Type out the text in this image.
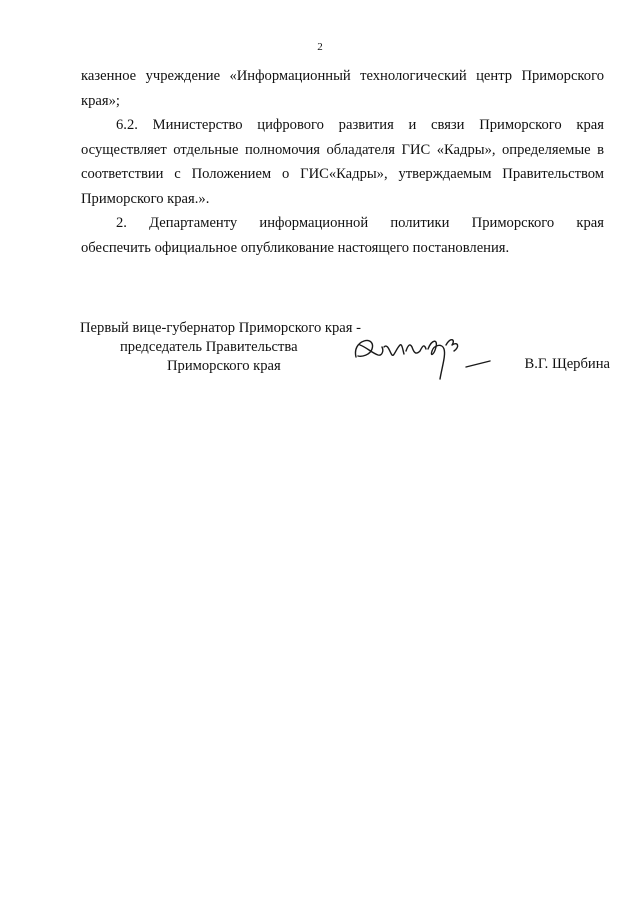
2

казенное учреждение «Информационный технологический центр Приморского края»;

6.2. Министерство цифрового развития и связи Приморского края осуществляет отдельные полномочия обладателя ГИС «Кадры», определяемые в соответствии с Положением о ГИС«Кадры», утверждаемым Правительством Приморского края.».

2. Департаменту информационной политики Приморского края

обеспечить официальное опубликование настоящего постановления.

Первый вице-губернатор Приморского края -
председатель Правительства
Приморского края	В.Г. Щербина
